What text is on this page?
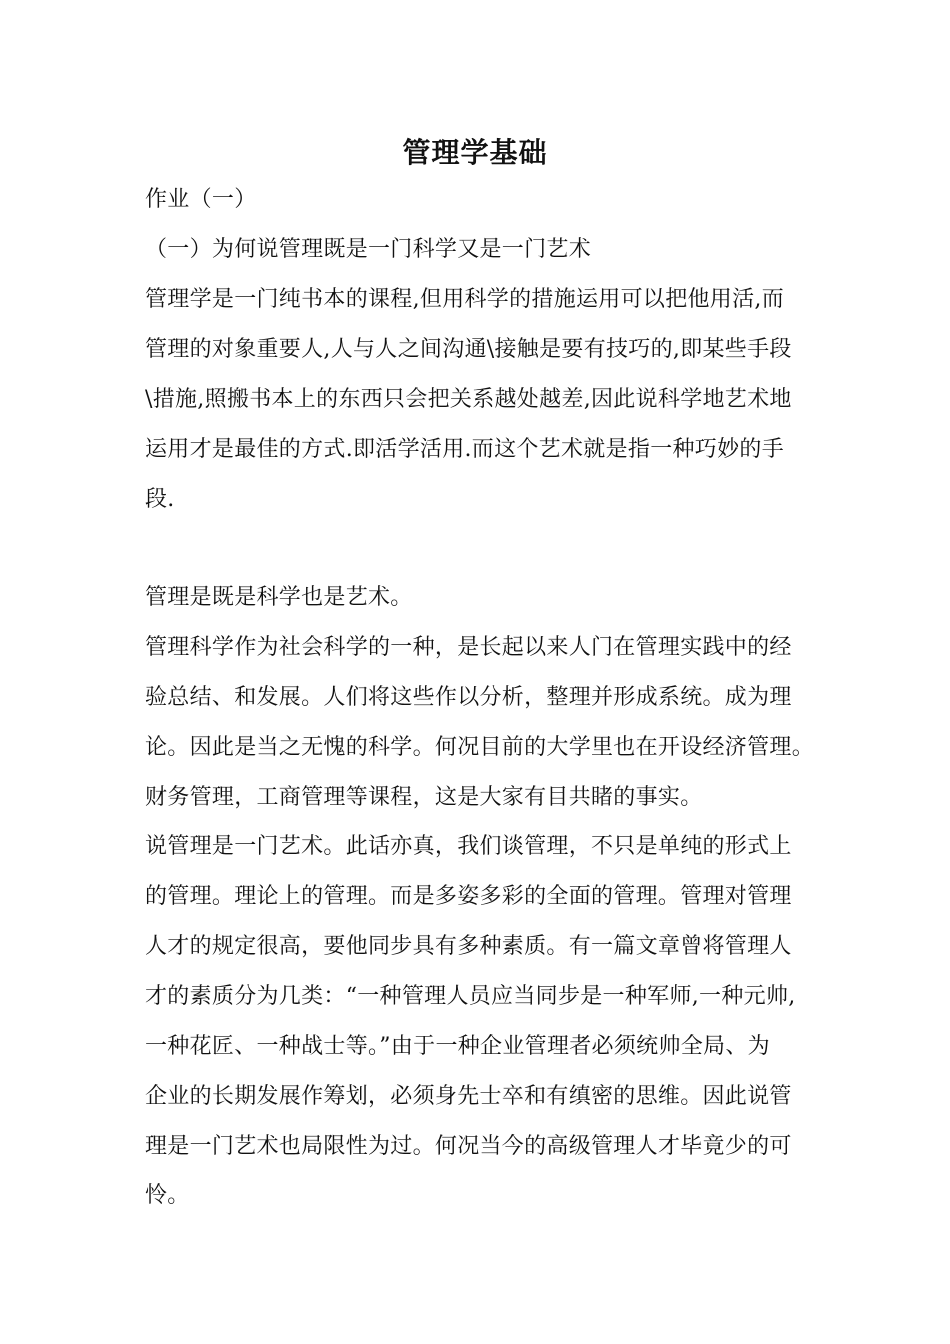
管理学基础
作业（一）
（一）为何说管理既是一门科学又是一门艺术
管理学是一门纯书本的课程,但用科学的措施运用可以把他用活,而
管理的对象重要人,人与人之间沟通\接触是要有技巧的,即某些手段
\措施,照搬书本上的东西只会把关系越处越差,因此说科学地艺术地
运用才是最佳的方式.即活学活用.而这个艺术就是指一种巧妙的手
段.
管理是既是科学也是艺术。
管理科学作为社会科学的一种，是长起以来人门在管理实践中的经
验总结、和发展。人们将这些作以分析，整理并形成系统。成为理
论。因此是当之无愧的科学。何况目前的大学里也在开设经济管理。
财务管理，工商管理等课程，这是大家有目共睹的事实。
说管理是一门艺术。此话亦真，我们谈管理，不只是单纯的形式上
的管理。理论上的管理。而是多姿多彩的全面的管理。管理对管理
人才的规定很高，要他同步具有多种素质。有一篇文章曾将管理人
才的素质分为几类：“一种管理人员应当同步是一种军师,一种元帅,
一种花匠、一种战士等。”由于一种企业管理者必须统帅全局、为
企业的长期发展作筹划，必须身先士卒和有缜密的思维。因此说管
理是一门艺术也局限性为过。何况当今的高级管理人才毕竟少的可
怜。
